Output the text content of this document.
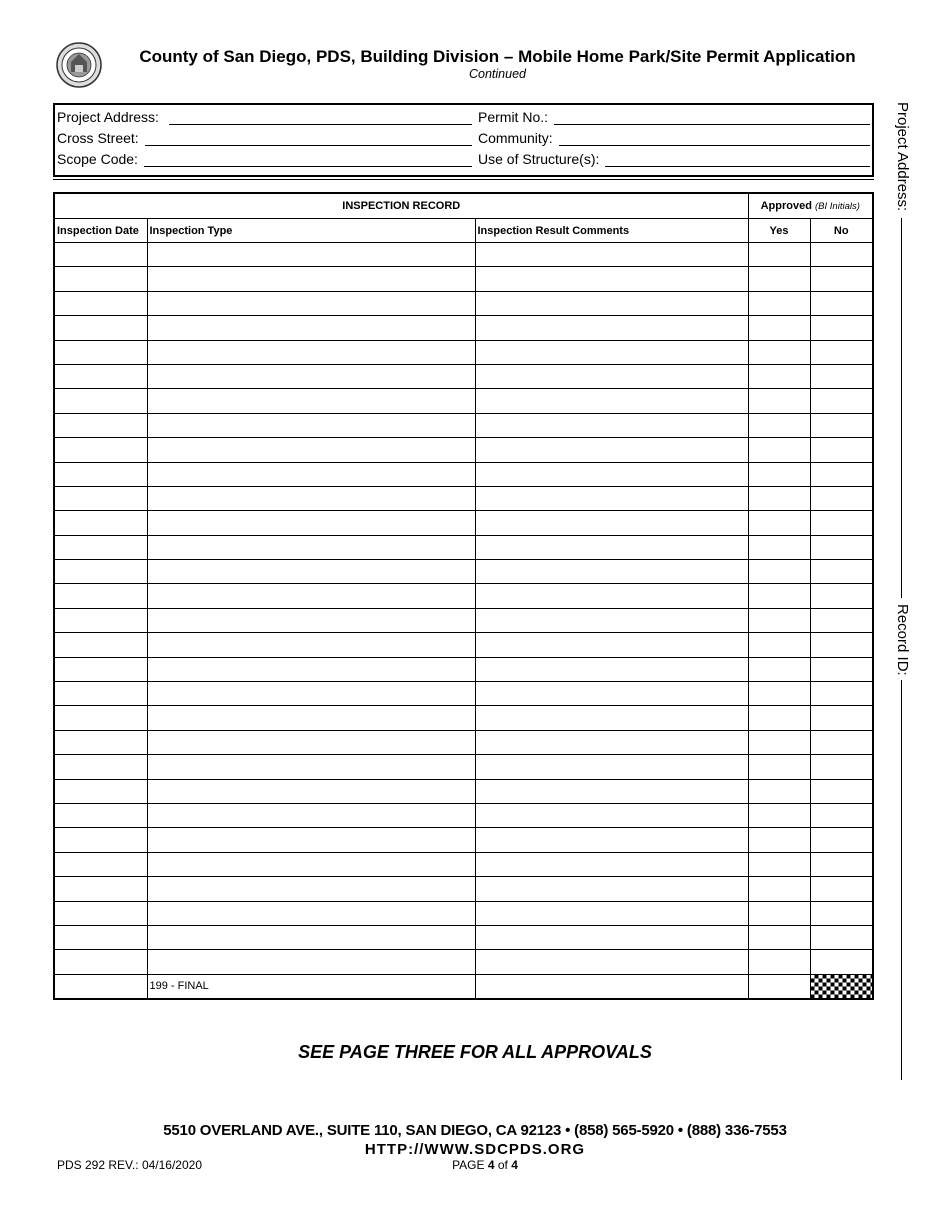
County of San Diego, PDS, Building Division – Mobile Home Park/Site Permit Application
Continued
Project Address:
Cross Street:
Scope Code:
Permit No.:
Community:
Use of Structure(s):
INSPECTION RECORD			Approved (BI Initials)	
Inspection Date	Inspection Type	Inspection Result Comments	Yes	No

	199 - FINAL			
Project Address:
Record ID:
SEE PAGE THREE FOR ALL APPROVALS
5510 OVERLAND AVE., SUITE 110, SAN DIEGO, CA 92123 • (858) 565-5920 • (888) 336-7553
HTTP://WWW.SDCPDS.ORG
PDS 292 REV.: 04/16/2020	PAGE 4 of 4
